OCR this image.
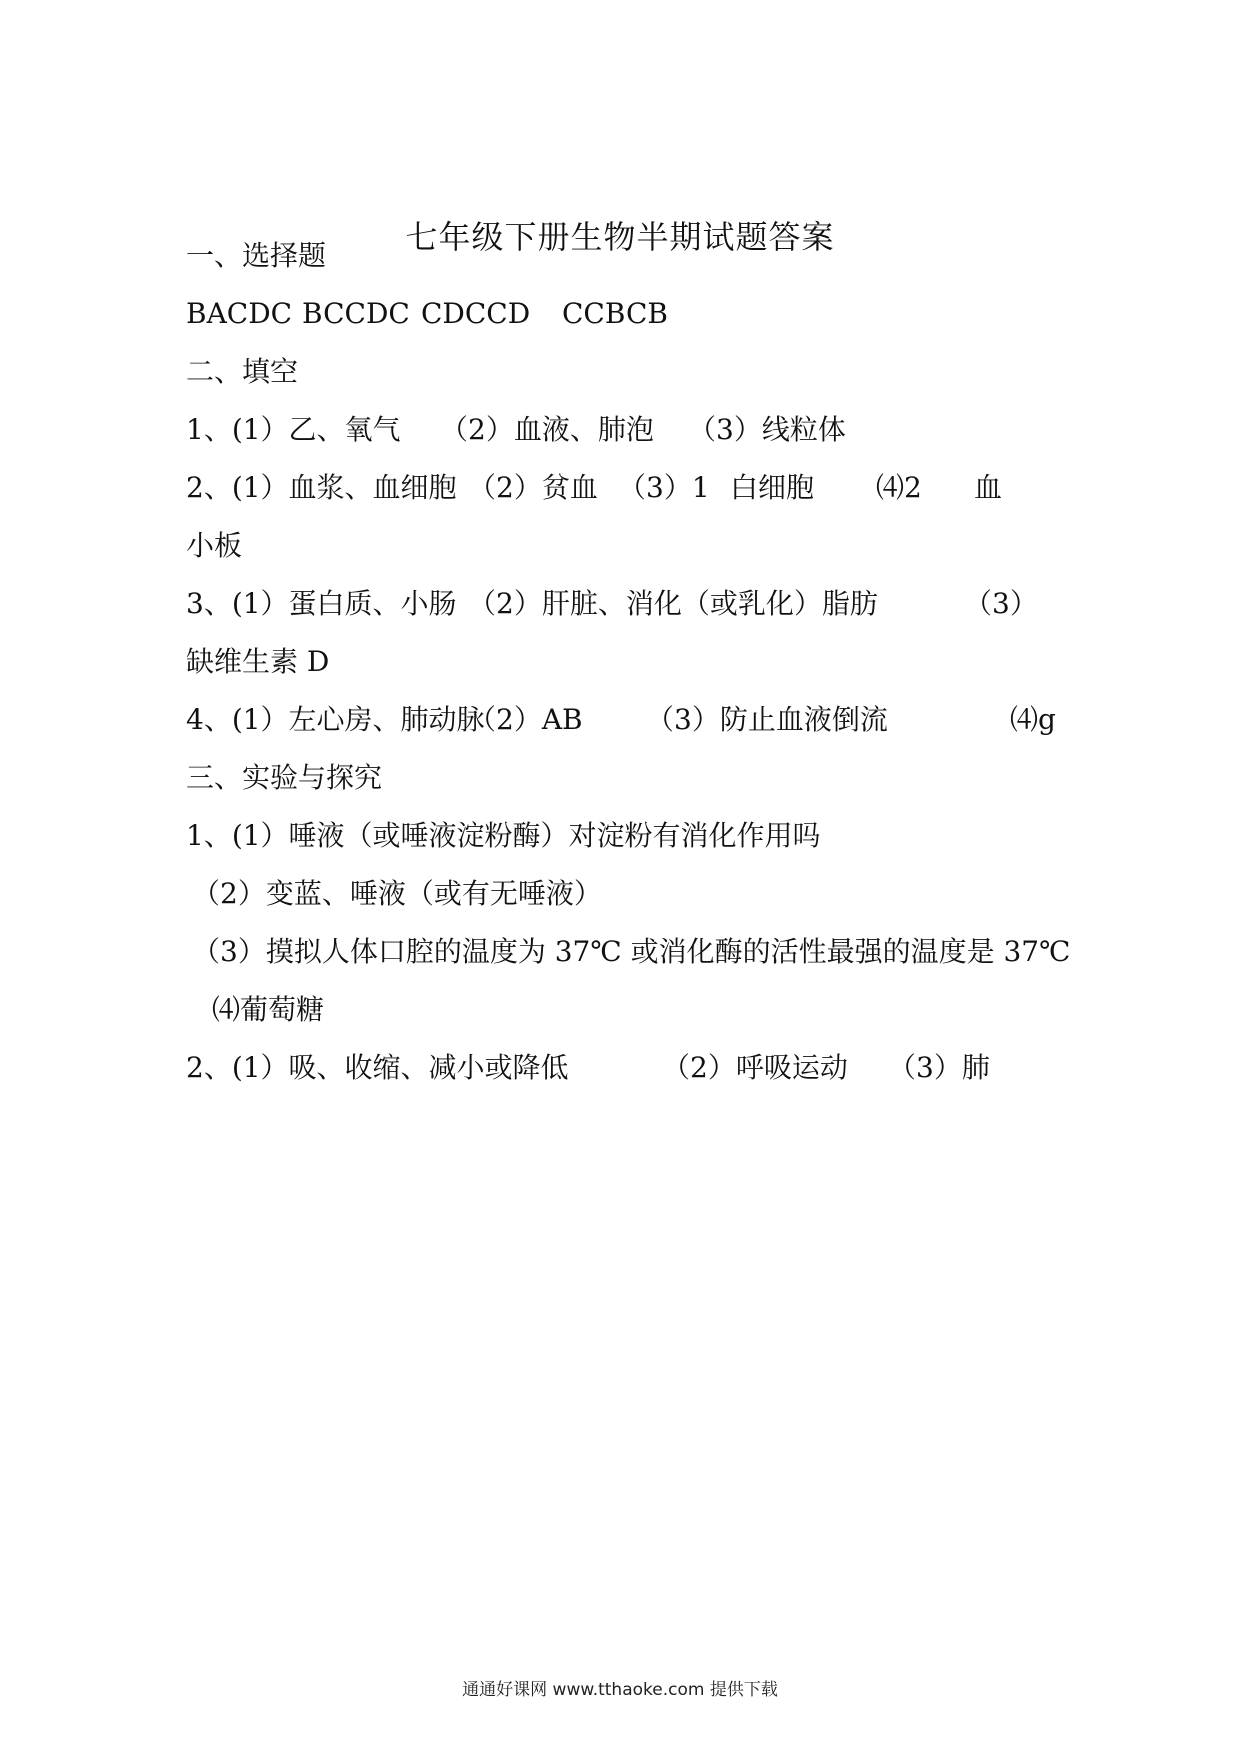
七年级下册生物半期试题答案
一、选择题
BACDC BCCDC CDCCD CCBCB
二、填空
1、(1）乙、氧气 （2）血液、肺泡 （3）线粒体
2、(1）血浆、血细胞 （2）贫血 （3）1 白细胞 ⑷2 血
小板
3、(1）蛋白质、小肠 （2）肝脏、消化（或乳化）脂肪	（3）
缺维生素 D
4、(1）左心房、肺动脉
（2）AB （3）防止血液倒流	⑷g
三、实验与探究
1、(1）唾液（或唾液淀粉酶）对淀粉有消化作用吗
（2）变蓝、唾液（或有无唾液）
（3）摸拟人体口腔的温度为 37℃ 或消化酶的活性最强的温度是 37℃
⑷葡萄糖
2、(1）吸、收缩、减小或降低	（2）呼吸运动 （3）肺
通通好课网 www.tthaoke.com 提供下载
